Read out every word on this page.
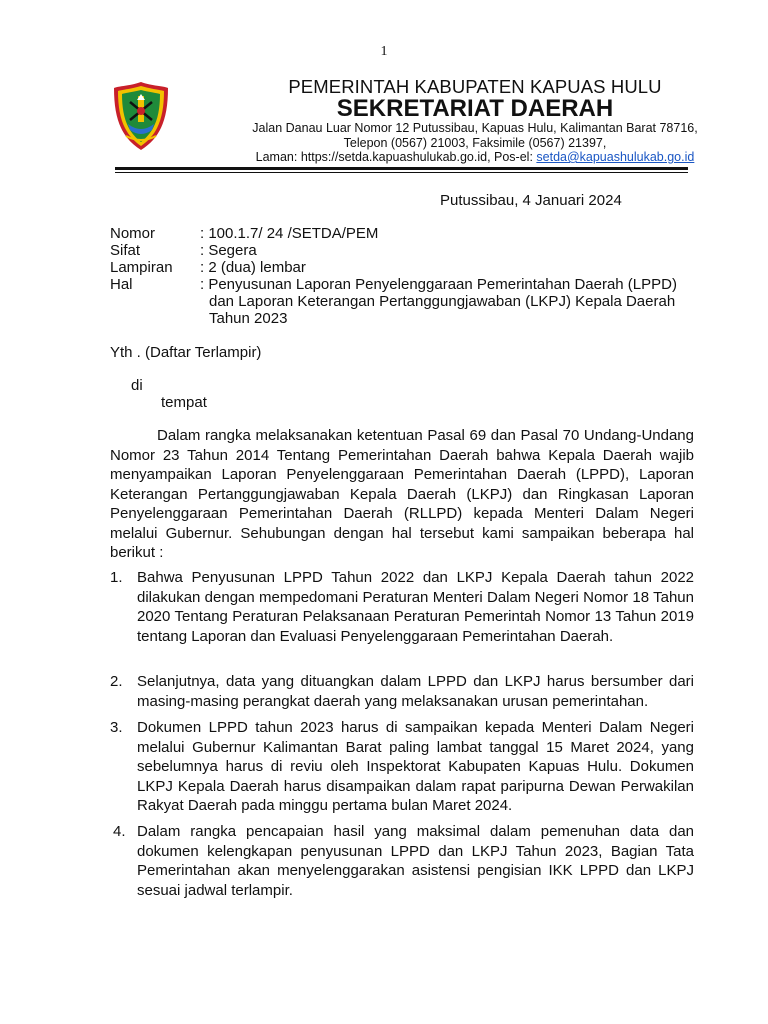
1
PEMERINTAH KABUPATEN KAPUAS HULU
SEKRETARIAT DAERAH
Jalan Danau Luar Nomor 12 Putussibau, Kapuas Hulu, Kalimantan Barat 78716,
Telepon (0567) 21003, Faksimile (0567) 21397,
Laman: https://setda.kapuashulukab.go.id, Pos-el: setda@kapuashulukab.go.id
Putussibau, 4 Januari 2024
Nomor	: 100.1.7/ 24 /SETDA/PEM
Sifat	: Segera
Lampiran : 2 (dua) lembar
Hal	: Penyusunan Laporan Penyelenggaraan Pemerintahan Daerah (LPPD)
dan Laporan Keterangan Pertanggungjawaban (LKPJ) Kepala Daerah
Tahun 2023
Yth . (Daftar Terlampir)
di
tempat
Dalam rangka melaksanakan ketentuan Pasal 69 dan Pasal 70 Undang-Undang Nomor 23 Tahun 2014 Tentang Pemerintahan Daerah bahwa Kepala Daerah wajib menyampaikan Laporan Penyelenggaraan Pemerintahan Daerah (LPPD), Laporan Keterangan Pertanggungjawaban Kepala Daerah (LKPJ) dan Ringkasan Laporan Penyelenggaraan Pemerintahan Daerah (RLLPD) kepada Menteri Dalam Negeri melalui Gubernur. Sehubungan dengan hal tersebut kami sampaikan beberapa hal berikut :
1. Bahwa Penyusunan LPPD Tahun 2022 dan LKPJ Kepala Daerah tahun 2022 dilakukan dengan mempedomani Peraturan Menteri Dalam Negeri Nomor 18 Tahun 2020 Tentang Peraturan Pelaksanaan Peraturan Pemerintah Nomor 13 Tahun 2019 tentang Laporan dan Evaluasi Penyelenggaraan Pemerintahan Daerah.
2. Selanjutnya, data yang dituangkan dalam LPPD dan LKPJ harus bersumber dari masing-masing perangkat daerah yang melaksanakan urusan pemerintahan.
3. Dokumen LPPD tahun 2023 harus di sampaikan kepada Menteri Dalam Negeri melalui Gubernur Kalimantan Barat paling lambat tanggal 15 Maret 2024, yang sebelumnya harus di reviu oleh Inspektorat Kabupaten Kapuas Hulu. Dokumen LKPJ Kepala Daerah harus disampaikan dalam rapat paripurna Dewan Perwakilan Rakyat Daerah pada minggu pertama bulan Maret 2024.
4. Dalam rangka pencapaian hasil yang maksimal dalam pemenuhan data dan dokumen kelengkapan penyusunan LPPD dan LKPJ Tahun 2023, Bagian Tata Pemerintahan akan menyelenggarakan asistensi pengisian IKK LPPD dan LKPJ sesuai jadwal terlampir.
